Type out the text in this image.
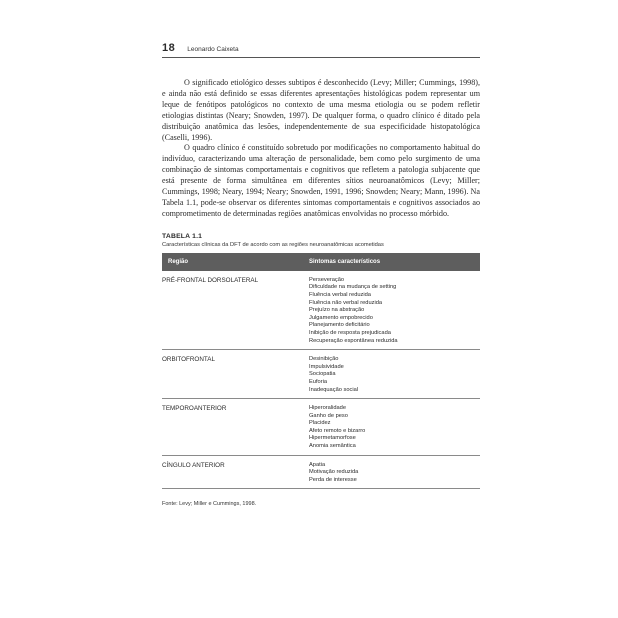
18 Leonardo Caixeta

O significado etiológico desses subtipos é desconhecido (Levy; Miller; Cummings, 1998), e ainda não está definido se essas diferentes apresentações histológicas podem representar um leque de fenótipos patológicos no contexto de uma mesma etiologia ou se podem refletir etiologias distintas (Neary; Snowden, 1997). De qualquer forma, o quadro clínico é ditado pela distribuição anatômica das lesões, independentemente de sua especificidade histopatológica (Caselli, 1996).

O quadro clínico é constituído sobretudo por modificações no comportamento habitual do indivíduo, caracterizando uma alteração de personalidade, bem como pelo surgimento de uma combinação de sintomas comportamentais e cognitivos que refletem a patologia subjacente que está presente de forma simultânea em diferentes sítios neuroanatômicos (Levy; Miller; Cummings, 1998; Neary, 1994; Neary; Snowden, 1991, 1996; Snowden; Neary; Mann, 1996). Na Tabela 1.1, pode-se observar os diferentes sintomas comportamentais e cognitivos associados ao comprometimento de determinadas regiões anatômicas envolvidas no processo mórbido.

TABELA 1.1
Características clínicas da DFT de acordo com as regiões neuroanatômicas acometidas
Região	Sintomas característicos
PRÉ-FRONTAL DORSOLATERAL	Perseveração
Dificuldade na mudança de setting
Fluência verbal reduzida
Fluência não verbal reduzida
Prejuízo na abstração
Julgamento empobrecido
Planejamento deficitário
Inibição de resposta prejudicada
Recuperação espontânea reduzida
ORBITOFRONTAL	Desinibição
Impulsividade
Sociopatia
Euforia
Inadequação social
TEMPOROANTERIOR	Hiperoralidade
Ganho de peso
Placidez
Afeto remoto e bizarro
Hipermetamorfose
Anomia semântica
CÍNGULO ANTERIOR	Apatia
Motivação reduzida
Perda de interesse
Fonte: Levy; Miller e Cummings, 1998.
